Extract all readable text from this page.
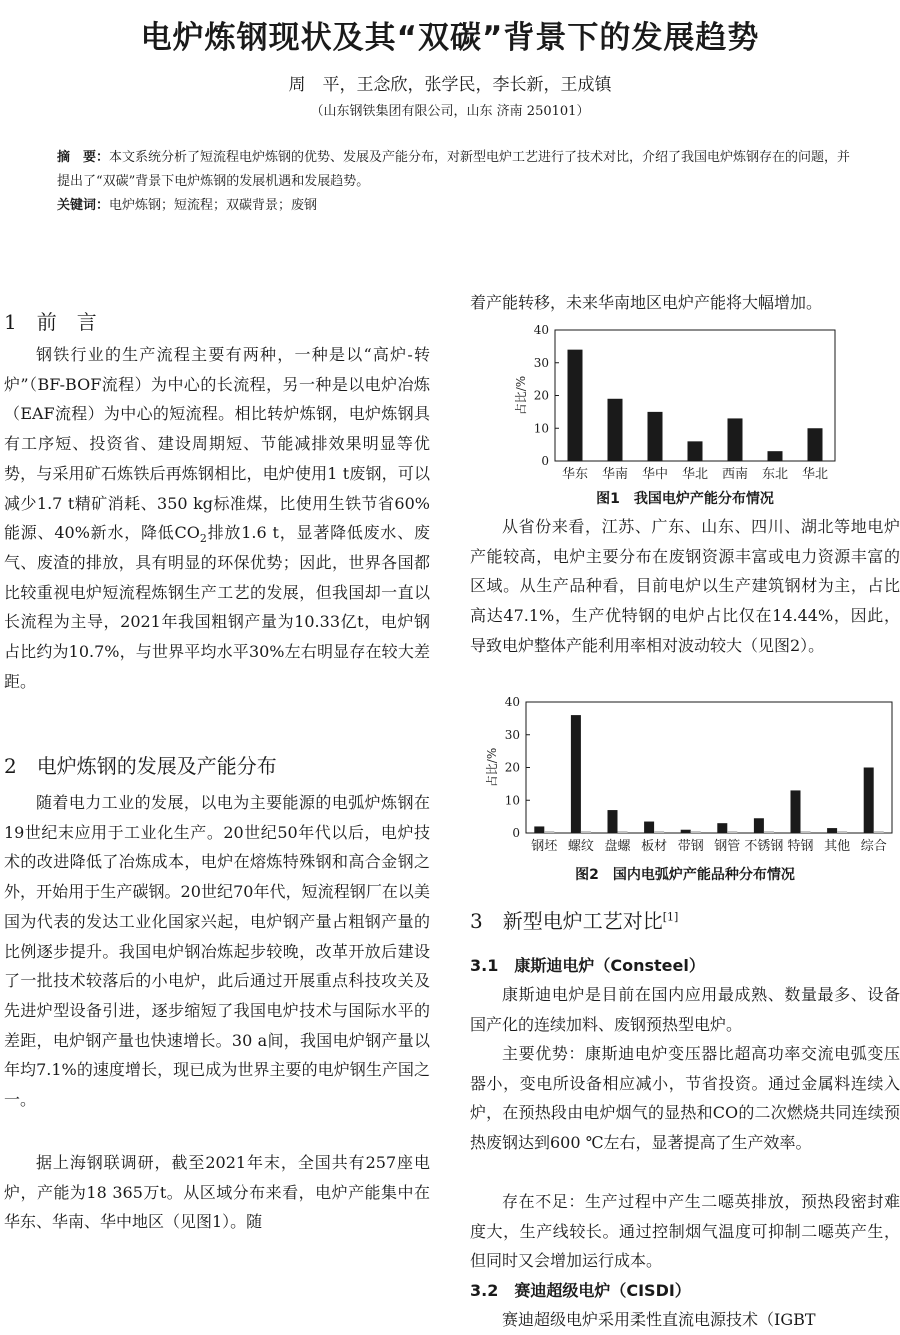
电炉炼钢现状及其“双碳”背景下的发展趋势
周　平，王念欣，张学民，李长新，王成镇
（山东钢铁集团有限公司，山东 济南 250101）
摘　要：本文系统分析了短流程电炉炼钢的优势、发展及产能分布，对新型电炉工艺进行了技术对比，介绍了我国电炉炼钢存在的问题，并提出了“双碳”背景下电炉炼钢的发展机遇和发展趋势。
关键词：电炉炼钢；短流程；双碳背景；废钢
1　前　言
钢铁行业的生产流程主要有两种，一种是以“高炉-转炉”（BF-BOF流程）为中心的长流程，另一种是以电炉冶炼（EAF流程）为中心的短流程。相比转炉炼钢，电炉炼钢具有工序短、投资省、建设周期短、节能减排效果明显等优势，与采用矿石炼铁后再炼钢相比，电炉使用1 t废钢，可以减少1.7 t精矿消耗、350 kg标准煤，比使用生铁节省60%能源、40%新水，降低$CO_2$排放1.6 t，显著降低废水、废气、废渣的排放，具有明显的环保优势；因此，世界各国都比较重视电炉短流程炼钢生产工艺的发展，但我国却一直以长流程为主导，2021年我国粗钢产量为10.33亿t，电炉钢占比约为10.7%，与世界平均水平30%左右明显存在较大差距。
2　电炉炼钢的发展及产能分布
随着电力工业的发展，以电为主要能源的电弧炉炼钢在19世纪末应用于工业化生产。20世纪50年代以后，电炉技术的改进降低了冶炼成本，电炉在熔炼特殊钢和高合金钢之外，开始用于生产碳钢。20世纪70年代，短流程钢厂在以美国为代表的发达工业化国家兴起，电炉钢产量占粗钢产量的比例逐步提升。我国电炉钢冶炼起步较晚，改革开放后建设了一批技术较落后的小电炉，此后通过开展重点科技攻关及先进炉型设备引进，逐步缩短了我国电炉技术与国际水平的差距，电炉钢产量也快速增长。30 a间，我国电炉钢产量以年均7.1%的速度增长，现已成为世界主要的电炉钢生产国之一。
据上海钢联调研，截至2021年末，全国共有257座电炉，产能为18 365万t。从区域分布来看，电炉产能集中在华东、华南、华中地区（见图1）。随
着产能转移，未来华南地区电炉产能将大幅增加。
0
10
20
30
40
占比/%
华东 华南 华中 华北 西南 东北 华北
图1　我国电炉产能分布情况
从省份来看，江苏、广东、山东、四川、湖北等地电炉产能较高，电炉主要分布在废钢资源丰富或电力资源丰富的区域。从生产品种看，目前电炉以生产建筑钢材为主，占比高达47.1%，生产优特钢的电炉占比仅在14.44%，因此，导致电炉整体产能利用率相对波动较大（见图2）。
0
10
20
30
40
占比/%
钢坯 螺纹 盘螺 板材 带钢 钢管 不锈钢 特钢 其他 综合
图2　国内电弧炉产能品种分布情况
3　新型电炉工艺对比[1]
3.1　康斯迪电炉（Consteel）
康斯迪电炉是目前在国内应用最成熟、数量最多、设备国产化的连续加料、废钢预热型电炉。
主要优势：康斯迪电炉变压器比超高功率交流电弧变压器小，变电所设备相应减小，节省投资。通过金属料连续入炉，在预热段由电炉烟气的显热和CO的二次燃烧共同连续预热废钢达到600 ℃左右，显著提高了生产效率。
存在不足：生产过程中产生二噁英排放，预热段密封难度大，生产线较长。通过控制烟气温度可抑制二噁英产生，但同时又会增加运行成本。
3.2　赛迪超级电炉（CISDI）
赛迪超级电炉采用柔性直流电源技术（IGBT
